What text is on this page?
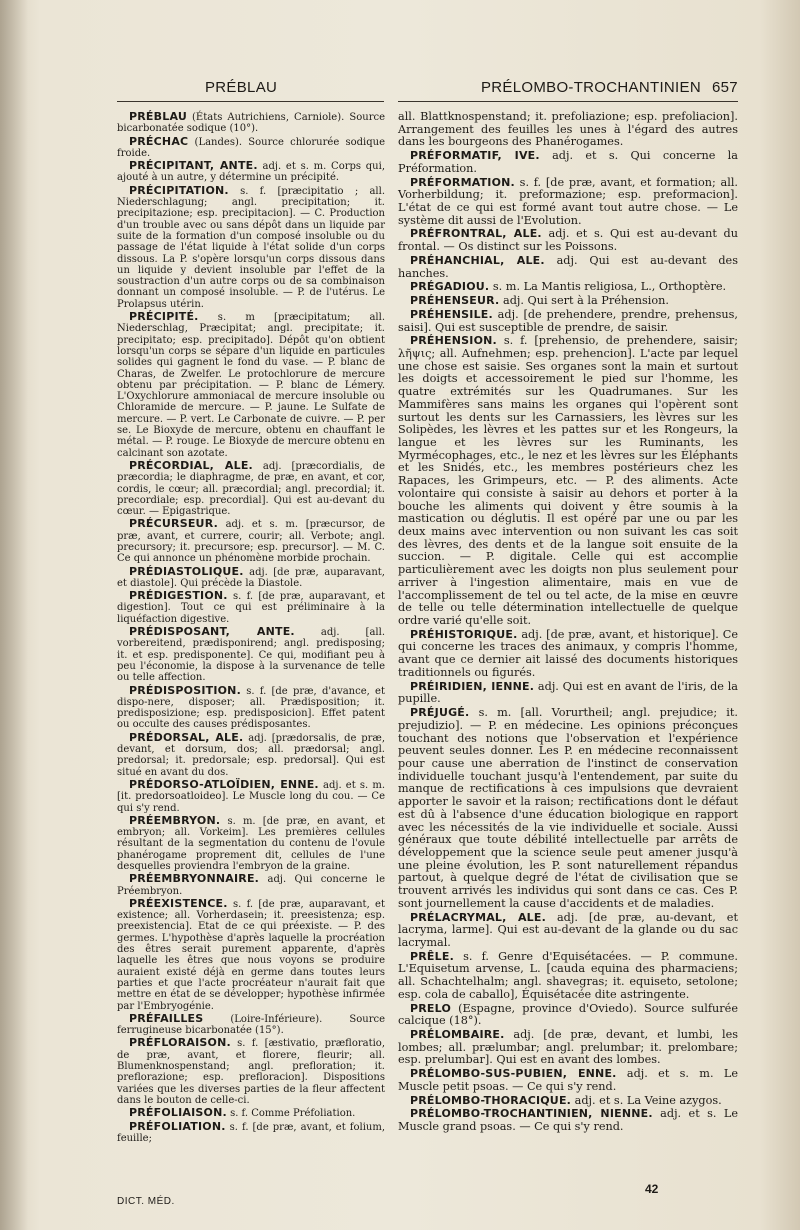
PRÉBLAU	PRÉLOMBO-TROCHANTINIEN 657

PRÉBLAU (États Autrichiens, Carniole). Source bicarbonatée sodique (10°).

PRÉCHAC (Landes). Source chlorurée sodique froide.

PRÉCIPITANT, ANTE. adj. et s. m. Corps qui, ajouté à un autre, y détermine un précipité.

PRÉCIPITATION. s. f. [præcipitatio ; all. Niederschlagung; angl. precipitation; it. precipitazione; esp. precipitacion]. — C. Production d'un trouble avec ou sans dépôt dans un liquide par suite de la formation d'un composé insoluble ou du passage de l'état liquide à l'état solide d'un corps dissous. La P. s'opère lorsqu'un corps dissous dans un liquide y devient insoluble par l'effet de la soustraction d'un autre corps ou de sa combinaison donnant un composé insoluble. — P. de l'utérus. Le Prolapsus utérin.

PRÉCIPITÉ. s. m [præcipitatum; all. Niederschlag, Præcipitat; angl. precipitate; it. precipitato; esp. precipitado]. Dépôt qu'on obtient lorsqu'un corps se sépare d'un liquide en particules solides qui gagnent le fond du vase. — P. blanc de Charas, de Zwelfer. Le protochlorure de mercure obtenu par précipitation. — P. blanc de Lémery. L'Oxychlorure ammoniacal de mercure insoluble ou Chloramide de mercure. — P. jaune. Le Sulfate de mercure. — P. vert. Le Carbonate de cuivre. — P. per se. Le Bioxyde de mercure, obtenu en chauffant le métal. — P. rouge. Le Bioxyde de mercure obtenu en calcinant son azotate.

PRÉCORDIAL, ALE. adj. [præcordialis, de præcordia; le diaphragme, de præ, en avant, et cor, cordis, le cœur; all. præcordial; angl. precordial; it. precordiale; esp. precordial]. Qui est au-devant du cœur. — Epigastrique.

PRÉCURSEUR. adj. et s. m. [præcursor, de præ, avant, et currere, courir; all. Verbote; angl. precursory; it. precursore; esp. precursor]. — M. C. Ce qui annonce un phénomène morbide prochain.

PRÉDIASTOLIQUE. adj. [de præ, auparavant, et diastole]. Qui précède la Diastole.

PRÉDIGESTION. s. f. [de præ, auparavant, et digestion]. Tout ce qui est préliminaire à la liquéfaction digestive.

PRÉDISPOSANT, ANTE. adj. [all. vorbereitend, prædisponirend; angl. predisposing; it. et esp. predisponente]. Ce qui, modifiant peu à peu l'économie, la dispose à la survenance de telle ou telle affection.

PRÉDISPOSITION. s. f. [de præ, d'avance, et dispo-nere, disposer; all. Prædisposition; it. predisposizione; esp. predisposicion]. Effet patent ou occulte des causes prédisposantes.

PRÉDORSAL, ALE. adj. [prædorsalis, de præ, devant, et dorsum, dos; all. prædorsal; angl. predorsal; it. predorsale; esp. predorsal]. Qui est situé en avant du dos.

PRÉDORSO-ATLOÏDIEN, ENNE. adj. et s. m. [it. predorsoatloideo]. Le Muscle long du cou. — Ce qui s'y rend.

PRÉEMBRYON. s. m. [de præ, en avant, et embryon; all. Vorkeim]. Les premières cellules résultant de la segmentation du contenu de l'ovule phanérogame proprement dit, cellules de l'une desquelles proviendra l'embryon de la graine.

PRÉEMBRYONNAIRE. adj. Qui concerne le Préembryon.

PRÉEXISTENCE. s. f. [de præ, auparavant, et existence; all. Vorherdasein; it. preesistenza; esp. preexistencia]. Etat de ce qui préexiste. — P. des germes. L'hypothèse d'après laquelle la procréation des êtres serait purement apparente, d'après laquelle les êtres que nous voyons se produire auraient existé déjà en germe dans toutes leurs parties et que l'acte procréateur n'aurait fait que mettre en état de se développer; hypothèse infirmée par l'Embryogénie.

PRÉFAILLES (Loire-Inférieure). Source ferrugineuse bicarbonatée (15°).

PRÉFLORAISON. s. f. [æstivatio, præfloratio, de præ, avant, et florere, fleurir; all. Blumenknospenstand; angl. prefloration; it. preflorazione; esp. prefloracion]. Dispositions variées que les diverses parties de la fleur affectent dans le bouton de celle-ci.

PRÉFOLIAISON. s. f. Comme Préfoliation.

PRÉFOLIATION. s. f. [de præ, avant, et folium, feuille;

all. Blattknospenstand; it. prefoliazione; esp. prefoliacion]. Arrangement des feuilles les unes à l'égard des autres dans les bourgeons des Phanérogames.

PRÉFORMATIF, IVE. adj. et s. Qui concerne la Préformation.

PRÉFORMATION. s. f. [de præ, avant, et formation; all. Vorherbildung; it. preformazione; esp. preformacion]. L'état de ce qui est formé avant tout autre chose. — Le système dit aussi de l'Evolution.

PRÉFRONTRAL, ALE. adj. et s. Qui est au-devant du frontal. — Os distinct sur les Poissons.

PRÉHANCHIAL, ALE. adj. Qui est au-devant des hanches.

PRÉGADIOU. s. m. La Mantis religiosa, L., Orthoptère.

PRÉHENSEUR. adj. Qui sert à la Préhension.

PRÉHENSILE. adj. [de prehendere, prendre, prehensus, saisi]. Qui est susceptible de prendre, de saisir.

PRÉHENSION. s. f. [prehensio, de prehendere, saisir; λῆψις; all. Aufnehmen; esp. prehencion]. L'acte par lequel une chose est saisie. Ses organes sont la main et surtout les doigts et accessoirement le pied sur l'homme, les quatre extrémités sur les Quadrumanes. Sur les Mammifères sans mains les organes qui l'opèrent sont surtout les dents sur les Carnassiers, les lèvres sur les Solipèdes, les lèvres et les pattes sur et les Rongeurs, la langue et les lèvres sur les Ruminants, les Myrmécophages, etc., le nez et les lèvres sur les Éléphants et les Snidés, etc., les membres postérieurs chez les Rapaces, les Grimpeurs, etc. — P. des aliments. Acte volontaire qui consiste à saisir au dehors et porter à la bouche les aliments qui doivent y être soumis à la mastication ou déglutis. Il est opéré par une ou par les deux mains avec intervention ou non suivant les cas soit des lèvres, des dents et de la langue soit ensuite de la succion. — P. digitale. Celle qui est accomplie particulièrement avec les doigts non plus seulement pour arriver à l'ingestion alimentaire, mais en vue de l'accomplissement de tel ou tel acte, de la mise en œuvre de telle ou telle détermination intellectuelle de quelque ordre varié qu'elle soit.

PRÉHISTORIQUE. adj. [de præ, avant, et historique]. Ce qui concerne les traces des animaux, y compris l'homme, avant que ce dernier ait laissé des documents historiques traditionnels ou figurés.

PRÉIRIDIEN, IENNE. adj. Qui est en avant de l'iris, de la pupille.

PRÉJUGÉ. s. m. [all. Vorurtheil; angl. prejudice; it. prejudizio]. — P. en médecine. Les opinions préconçues touchant des notions que l'observation et l'expérience peuvent seules donner. Les P. en médecine reconnaissent pour cause une aberration de l'instinct de conservation individuelle touchant jusqu'à l'entendement, par suite du manque de rectifications à ces impulsions que devraient apporter le savoir et la raison; rectifications dont le défaut est dû à l'absence d'une éducation biologique en rapport avec les nécessités de la vie individuelle et sociale. Aussi généraux que toute débilité intellectuelle par arrêts de développement que la science seule peut amener jusqu'à une pleine évolution, les P. sont naturellement répandus partout, à quelque degré de l'état de civilisation que se trouvent arrivés les individus qui sont dans ce cas. Ces P. sont journellement la cause d'accidents et de maladies.

PRÉLACRYMAL, ALE. adj. [de præ, au-devant, et lacryma, larme]. Qui est au-devant de la glande ou du sac lacrymal.

PRÊLE. s. f. Genre d'Equisétacées. — P. commune. L'Equisetum arvense, L. [cauda equina des pharmaciens; all. Schachtelhalm; angl. shavegras; it. equiseto, setolone; esp. cola de caballo], Équisétacée dite astringente.

PRELO (Espagne, province d'Oviedo). Source sulfurée calcique (18°).

PRÉLOMBAIRE. adj. [de præ, devant, et lumbi, les lombes; all. prælumbar; angl. prelumbar; it. prelombare; esp. prelumbar]. Qui est en avant des lombes.

PRÉLOMBO-SUS-PUBIEN, ENNE. adj. et s. m. Le Muscle petit psoas. — Ce qui s'y rend.

PRÉLOMBO-THORACIQUE. adj. et s. La Veine azygos.

PRÉLOMBO-TROCHANTINIEN, NIENNE. adj. et s. Le Muscle grand psoas. — Ce qui s'y rend.

DICT. MÉD.
42
